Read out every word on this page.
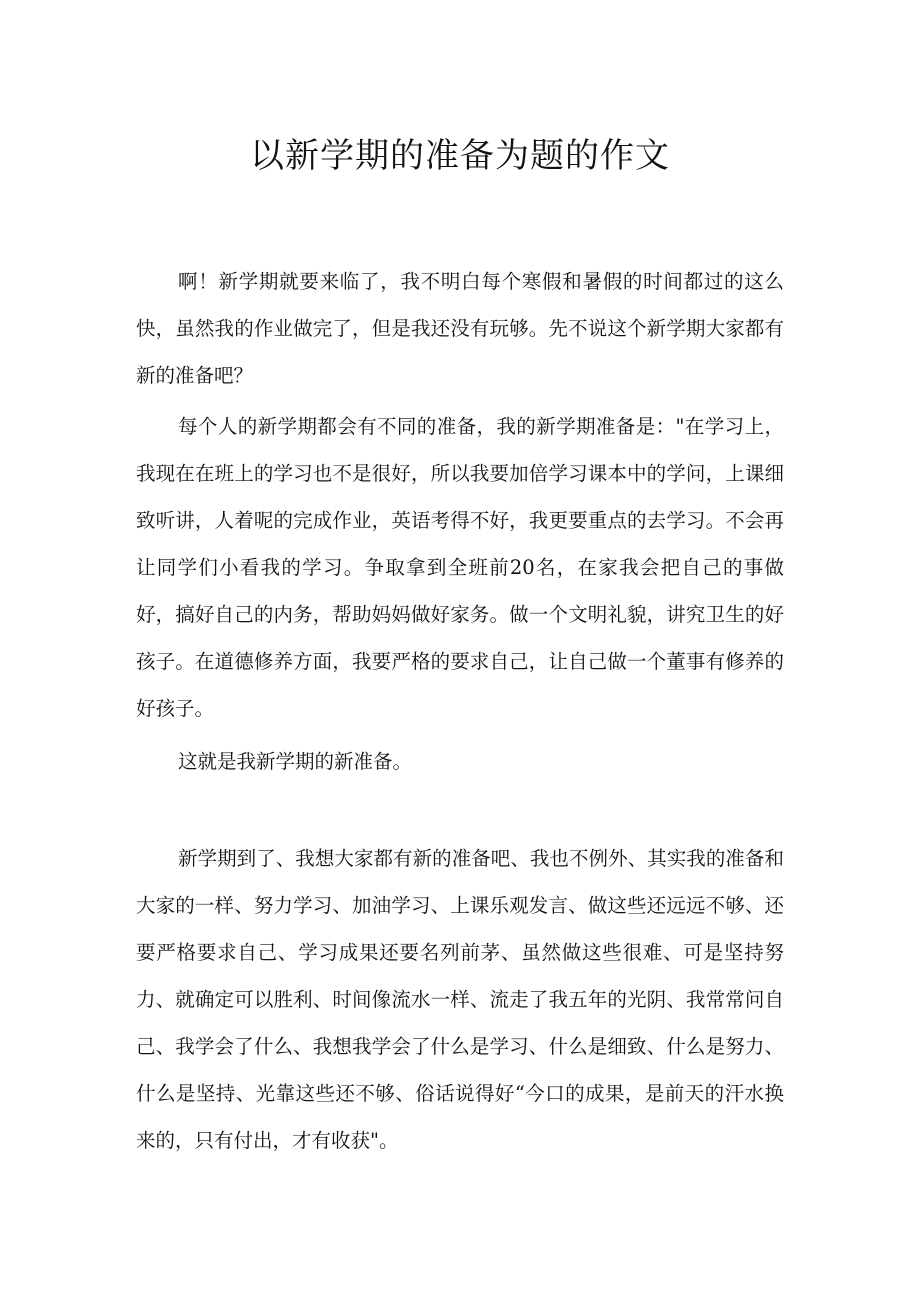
以新学期的准备为题的作文

啊！新学期就要来临了，我不明白每个寒假和暑假的时间都过的这么快，虽然我的作业做完了，但是我还没有玩够。先不说这个新学期大家都有新的准备吧？

每个人的新学期都会有不同的准备，我的新学期准备是："在学习上，我现在在班上的学习也不是很好，所以我要加倍学习课本中的学问，上课细致听讲，人着呢的完成作业，英语考得不好，我更要重点的去学习。不会再让同学们小看我的学习。争取拿到全班前20名，在家我会把自己的事做好，搞好自己的内务，帮助妈妈做好家务。做一个文明礼貌，讲究卫生的好孩子。在道德修养方面，我要严格的要求自己，让自己做一个董事有修养的好孩子。

这就是我新学期的新准备。

新学期到了、我想大家都有新的准备吧、我也不例外、其实我的准备和大家的一样、努力学习、加油学习、上课乐观发言、做这些还远远不够、还要严格要求自己、学习成果还要名列前茅、虽然做这些很难、可是坚持努力、就确定可以胜利、时间像流水一样、流走了我五年的光阴、我常常问自己、我学会了什么、我想我学会了什么是学习、什么是细致、什么是努力、什么是坚持、光靠这些还不够、俗话说得好“今口的成果，是前天的汗水换来的，只有付出，才有收获"。
